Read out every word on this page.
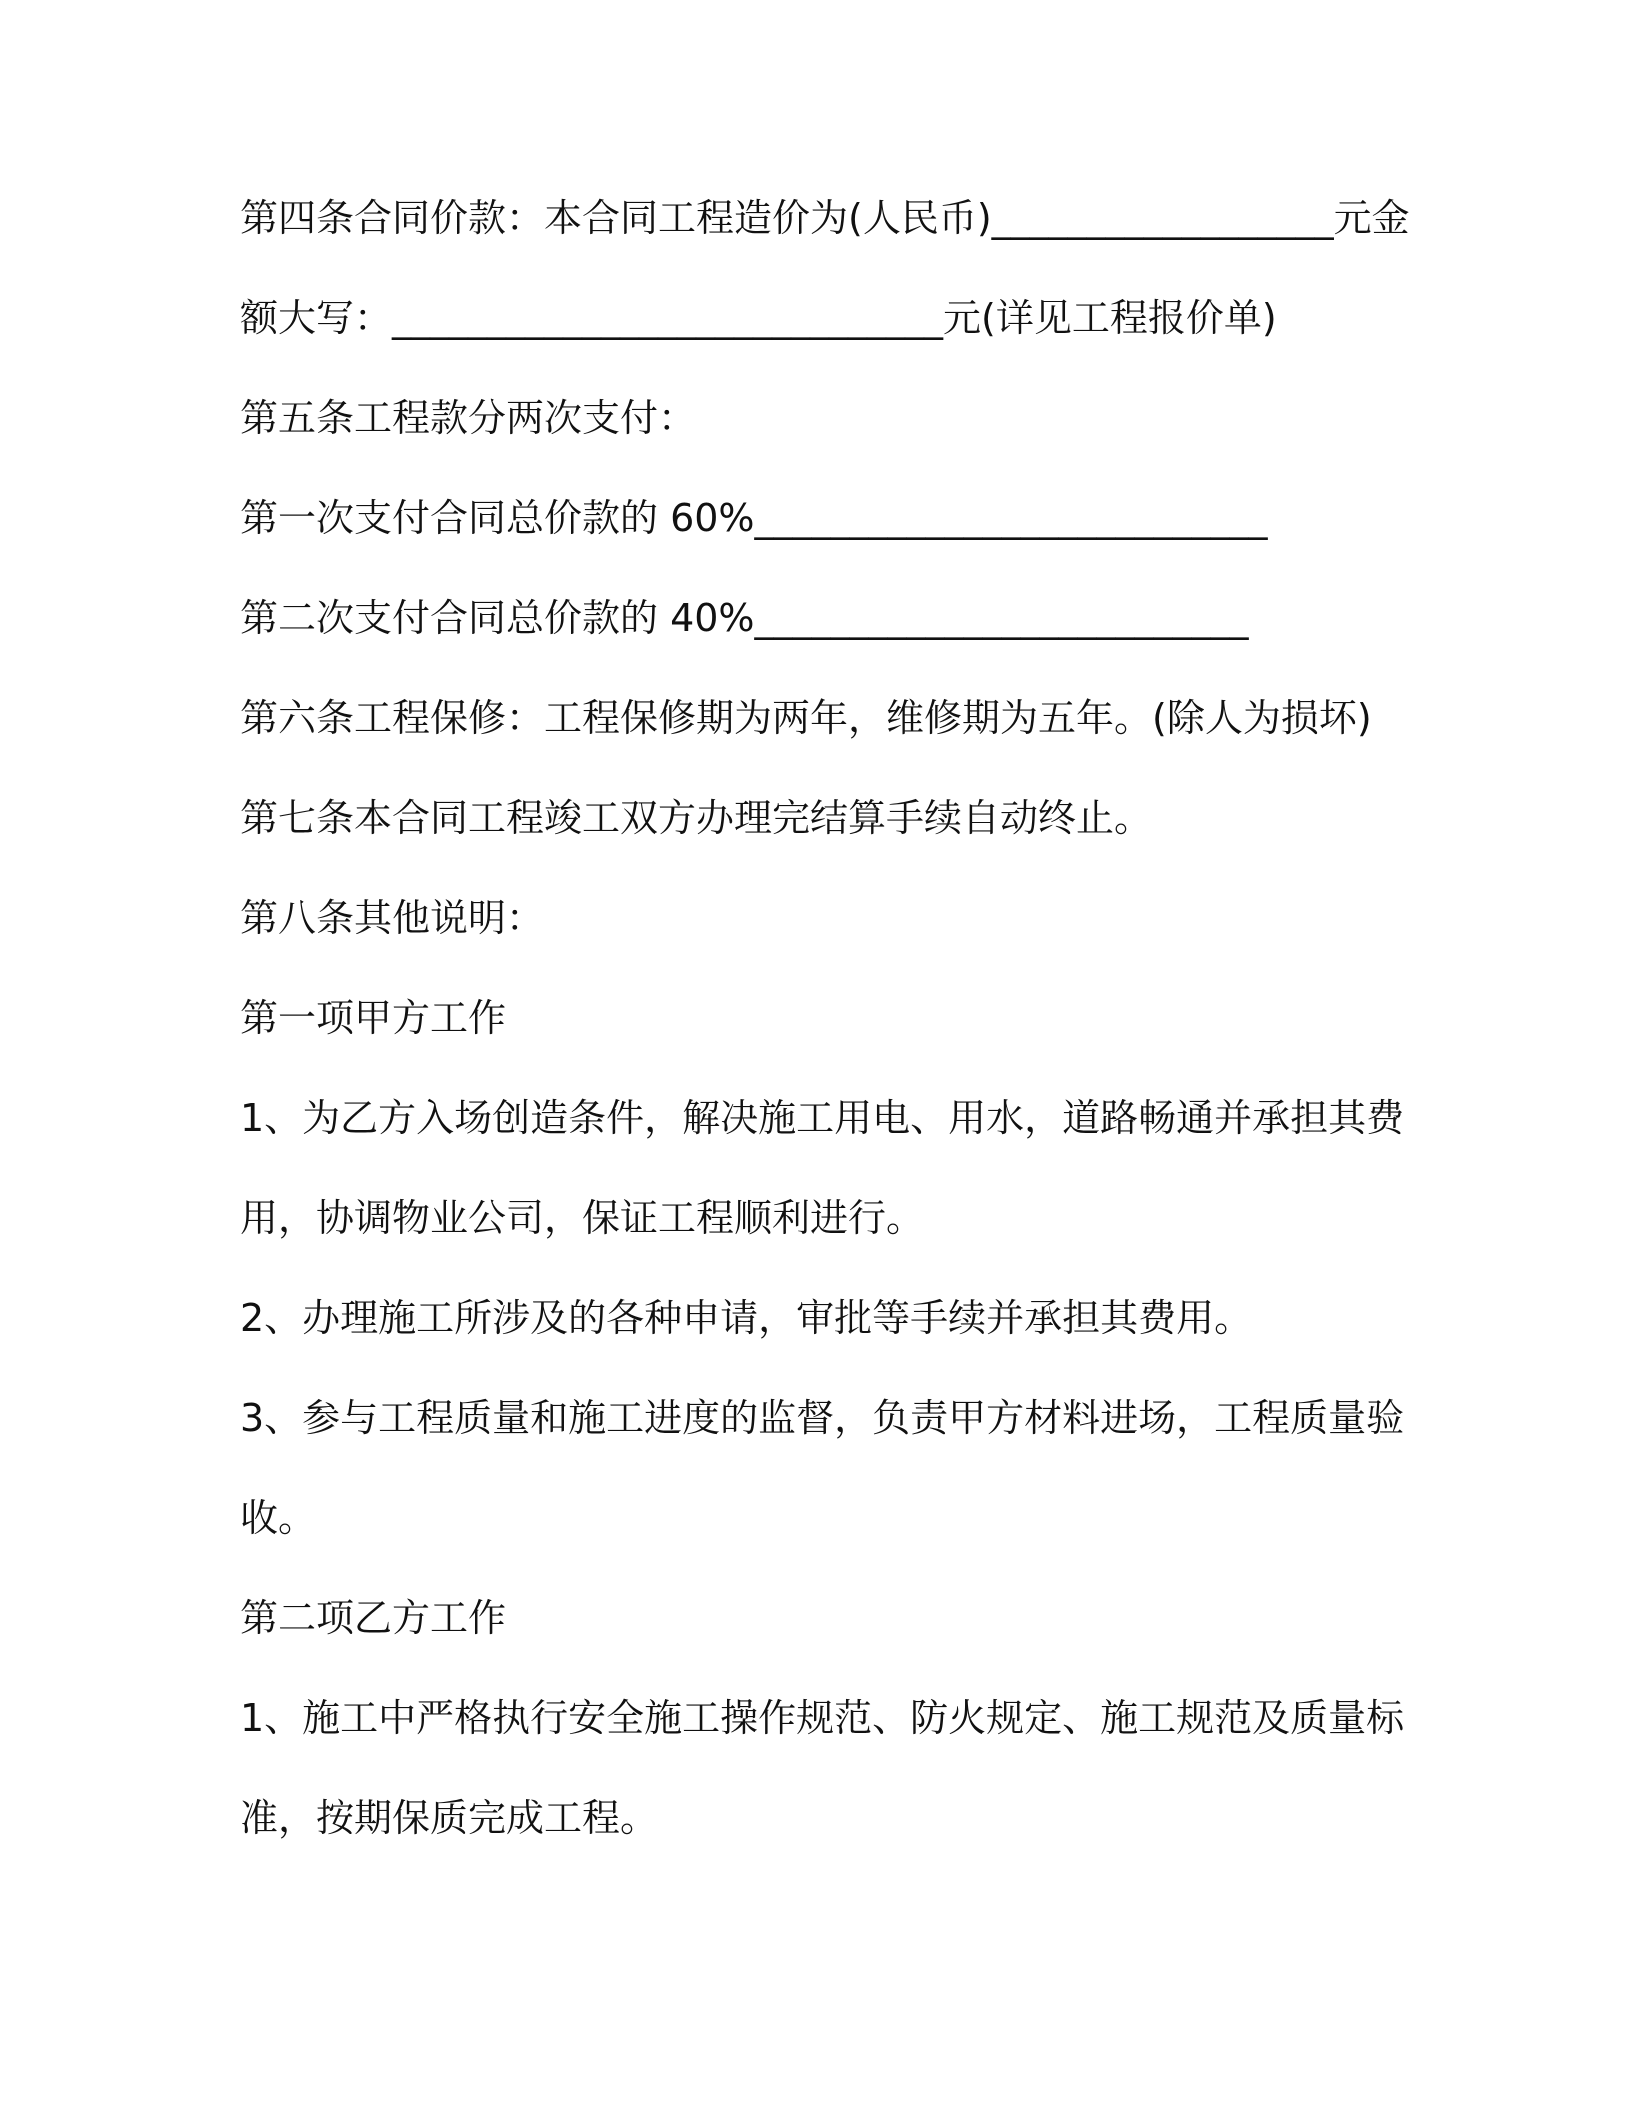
第四条合同价款：本合同工程造价为(人民币)__________________元金
额大写：_____________________________元(详见工程报价单)
第五条工程款分两次支付：
第一次支付合同总价款的 60%___________________________
第二次支付合同总价款的 40%__________________________
第六条工程保修：工程保修期为两年，维修期为五年。(除人为损坏)
第七条本合同工程竣工双方办理完结算手续自动终止。
第八条其他说明：
第一项甲方工作
1、为乙方入场创造条件，解决施工用电、用水，道路畅通并承担其费
用，协调物业公司，保证工程顺利进行。
2、办理施工所涉及的各种申请，审批等手续并承担其费用。
3、参与工程质量和施工进度的监督，负责甲方材料进场，工程质量验
收。
第二项乙方工作
1、施工中严格执行安全施工操作规范、防火规定、施工规范及质量标
准，按期保质完成工程。
